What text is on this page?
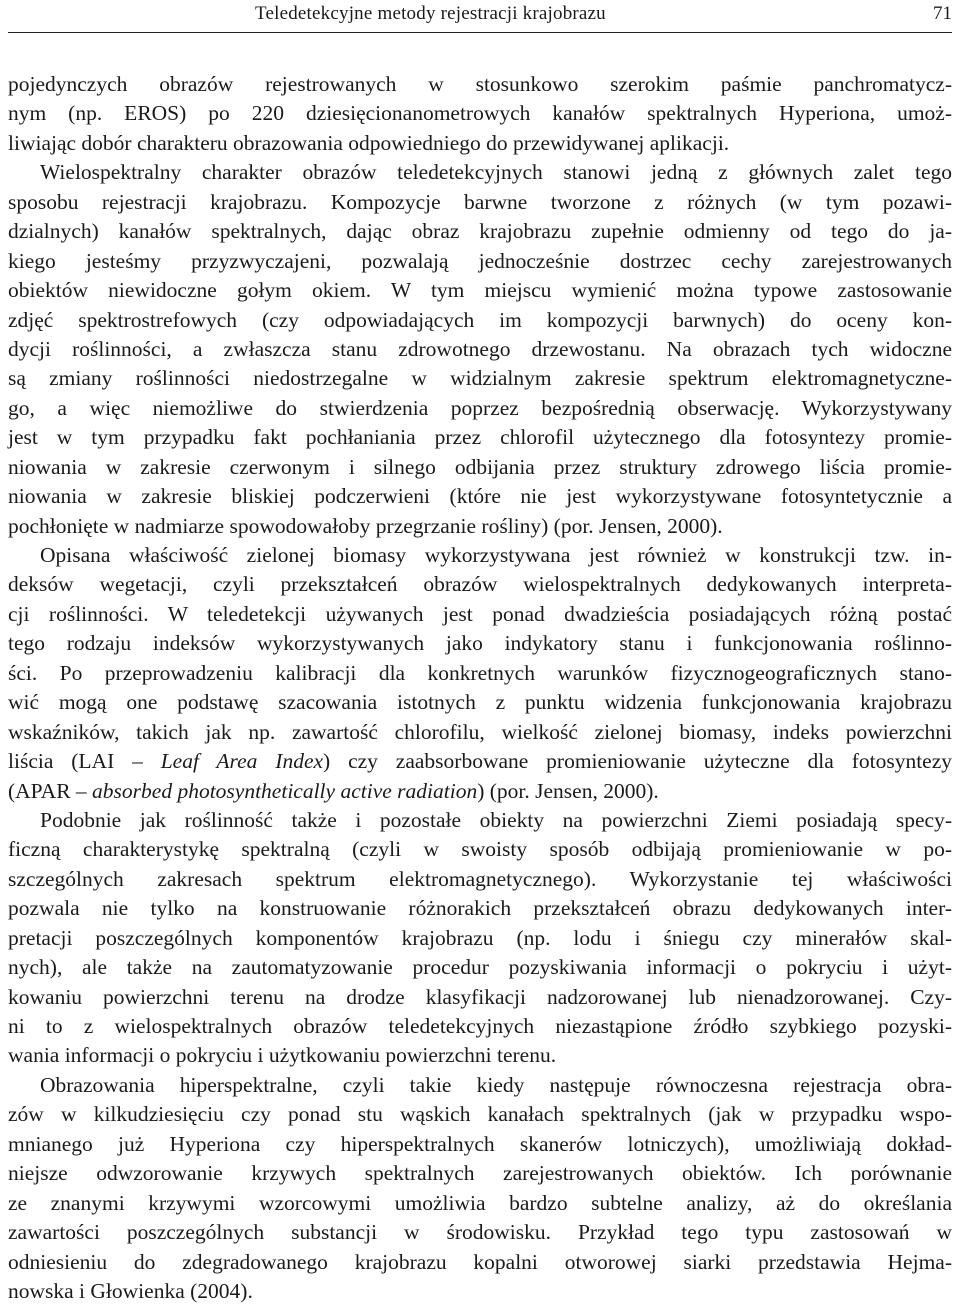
Teledetekcyjne metody rejestracji krajobrazu	71
pojedynczych obrazów rejestrowanych w stosunkowo szerokim paśmie panchromatycz-
nym (np. EROS) po 220 dziesięcionanometrowych kanałów spektralnych Hyperiona, umoż-
liwiając dobór charakteru obrazowania odpowiedniego do przewidywanej aplikacji.
Wielospektralny charakter obrazów teledetekcyjnych stanowi jedną z głównych zalet tego
sposobu rejestracji krajobrazu. Kompozycje barwne tworzone z różnych (w tym pozawi-
dzialnych) kanałów spektralnych, dając obraz krajobrazu zupełnie odmienny od tego do ja-
kiego jesteśmy przyzwyczajeni, pozwalają jednocześnie dostrzec cechy zarejestrowanych
obiektów niewidoczne gołym okiem. W tym miejscu wymienić można typowe zastosowanie
zdjęć spektrostrefowych (czy odpowiadających im kompozycji barwnych) do oceny kon-
dycji roślinności, a zwłaszcza stanu zdrowotnego drzewostanu. Na obrazach tych widoczne
są zmiany roślinności niedostrzegalne w widzialnym zakresie spektrum elektromagnetyczne-
go, a więc niemożliwe do stwierdzenia poprzez bezpośrednią obserwację. Wykorzystywany
jest w tym przypadku fakt pochłaniania przez chlorofil użytecznego dla fotosyntezy promie-
niowania w zakresie czerwonym i silnego odbijania przez struktury zdrowego liścia promie-
niowania w zakresie bliskiej podczerwieni (które nie jest wykorzystywane fotosyntetycznie a
pochłonięte w nadmiarze spowodowałoby przegrzanie rośliny) (por. Jensen, 2000).
Opisana właściwość zielonej biomasy wykorzystywana jest również w konstrukcji tzw. in-
deksów wegetacji, czyli przekształceń obrazów wielospektralnych dedykowanych interpreta-
cji roślinności. W teledetekcji używanych jest ponad dwadzieścia posiadających różną postać
tego rodzaju indeksów wykorzystywanych jako indykatory stanu i funkcjonowania roślinno-
ści. Po przeprowadzeniu kalibracji dla konkretnych warunków fizycznogeograficznych stano-
wić mogą one podstawę szacowania istotnych z punktu widzenia funkcjonowania krajobrazu
wskaźników, takich jak np. zawartość chlorofilu, wielkość zielonej biomasy, indeks powierzchni
liścia (LAI – Leaf Area Index) czy zaabsorbowane promieniowanie użyteczne dla fotosyntezy
(APAR – absorbed photosynthetically active radiation) (por. Jensen, 2000).
Podobnie jak roślinność także i pozostałe obiekty na powierzchni Ziemi posiadają specy-
ficzną charakterystykę spektralną (czyli w swoisty sposób odbijają promieniowanie w po-
szczególnych zakresach spektrum elektromagnetycznego). Wykorzystanie tej właściwości
pozwala nie tylko na konstruowanie różnorakich przekształceń obrazu dedykowanych inter-
pretacji poszczególnych komponentów krajobrazu (np. lodu i śniegu czy minerałów skal-
nych), ale także na zautomatyzowanie procedur pozyskiwania informacji o pokryciu i użyt-
kowaniu powierzchni terenu na drodze klasyfikacji nadzorowanej lub nienadzorowanej. Czy-
ni to z wielospektralnych obrazów teledetekcyjnych niezastąpione źródło szybkiego pozyski-
wania informacji o pokryciu i użytkowaniu powierzchni terenu.
Obrazowania hiperspektralne, czyli takie kiedy następuje równoczesna rejestracja obra-
zów w kilkudziesięciu czy ponad stu wąskich kanałach spektralnych (jak w przypadku wspo-
mnianego już Hyperiona czy hiperspektralnych skanerów lotniczych), umożliwiają dokład-
niejsze odwzorowanie krzywych spektralnych zarejestrowanych obiektów. Ich porównanie
ze znanymi krzywymi wzorcowymi umożliwia bardzo subtelne analizy, aż do określania
zawartości poszczególnych substancji w środowisku. Przykład tego typu zastosowań w
odniesieniu do zdegradowanego krajobrazu kopalni otworowej siarki przedstawia Hejma-
nowska i Głowienka (2004).
